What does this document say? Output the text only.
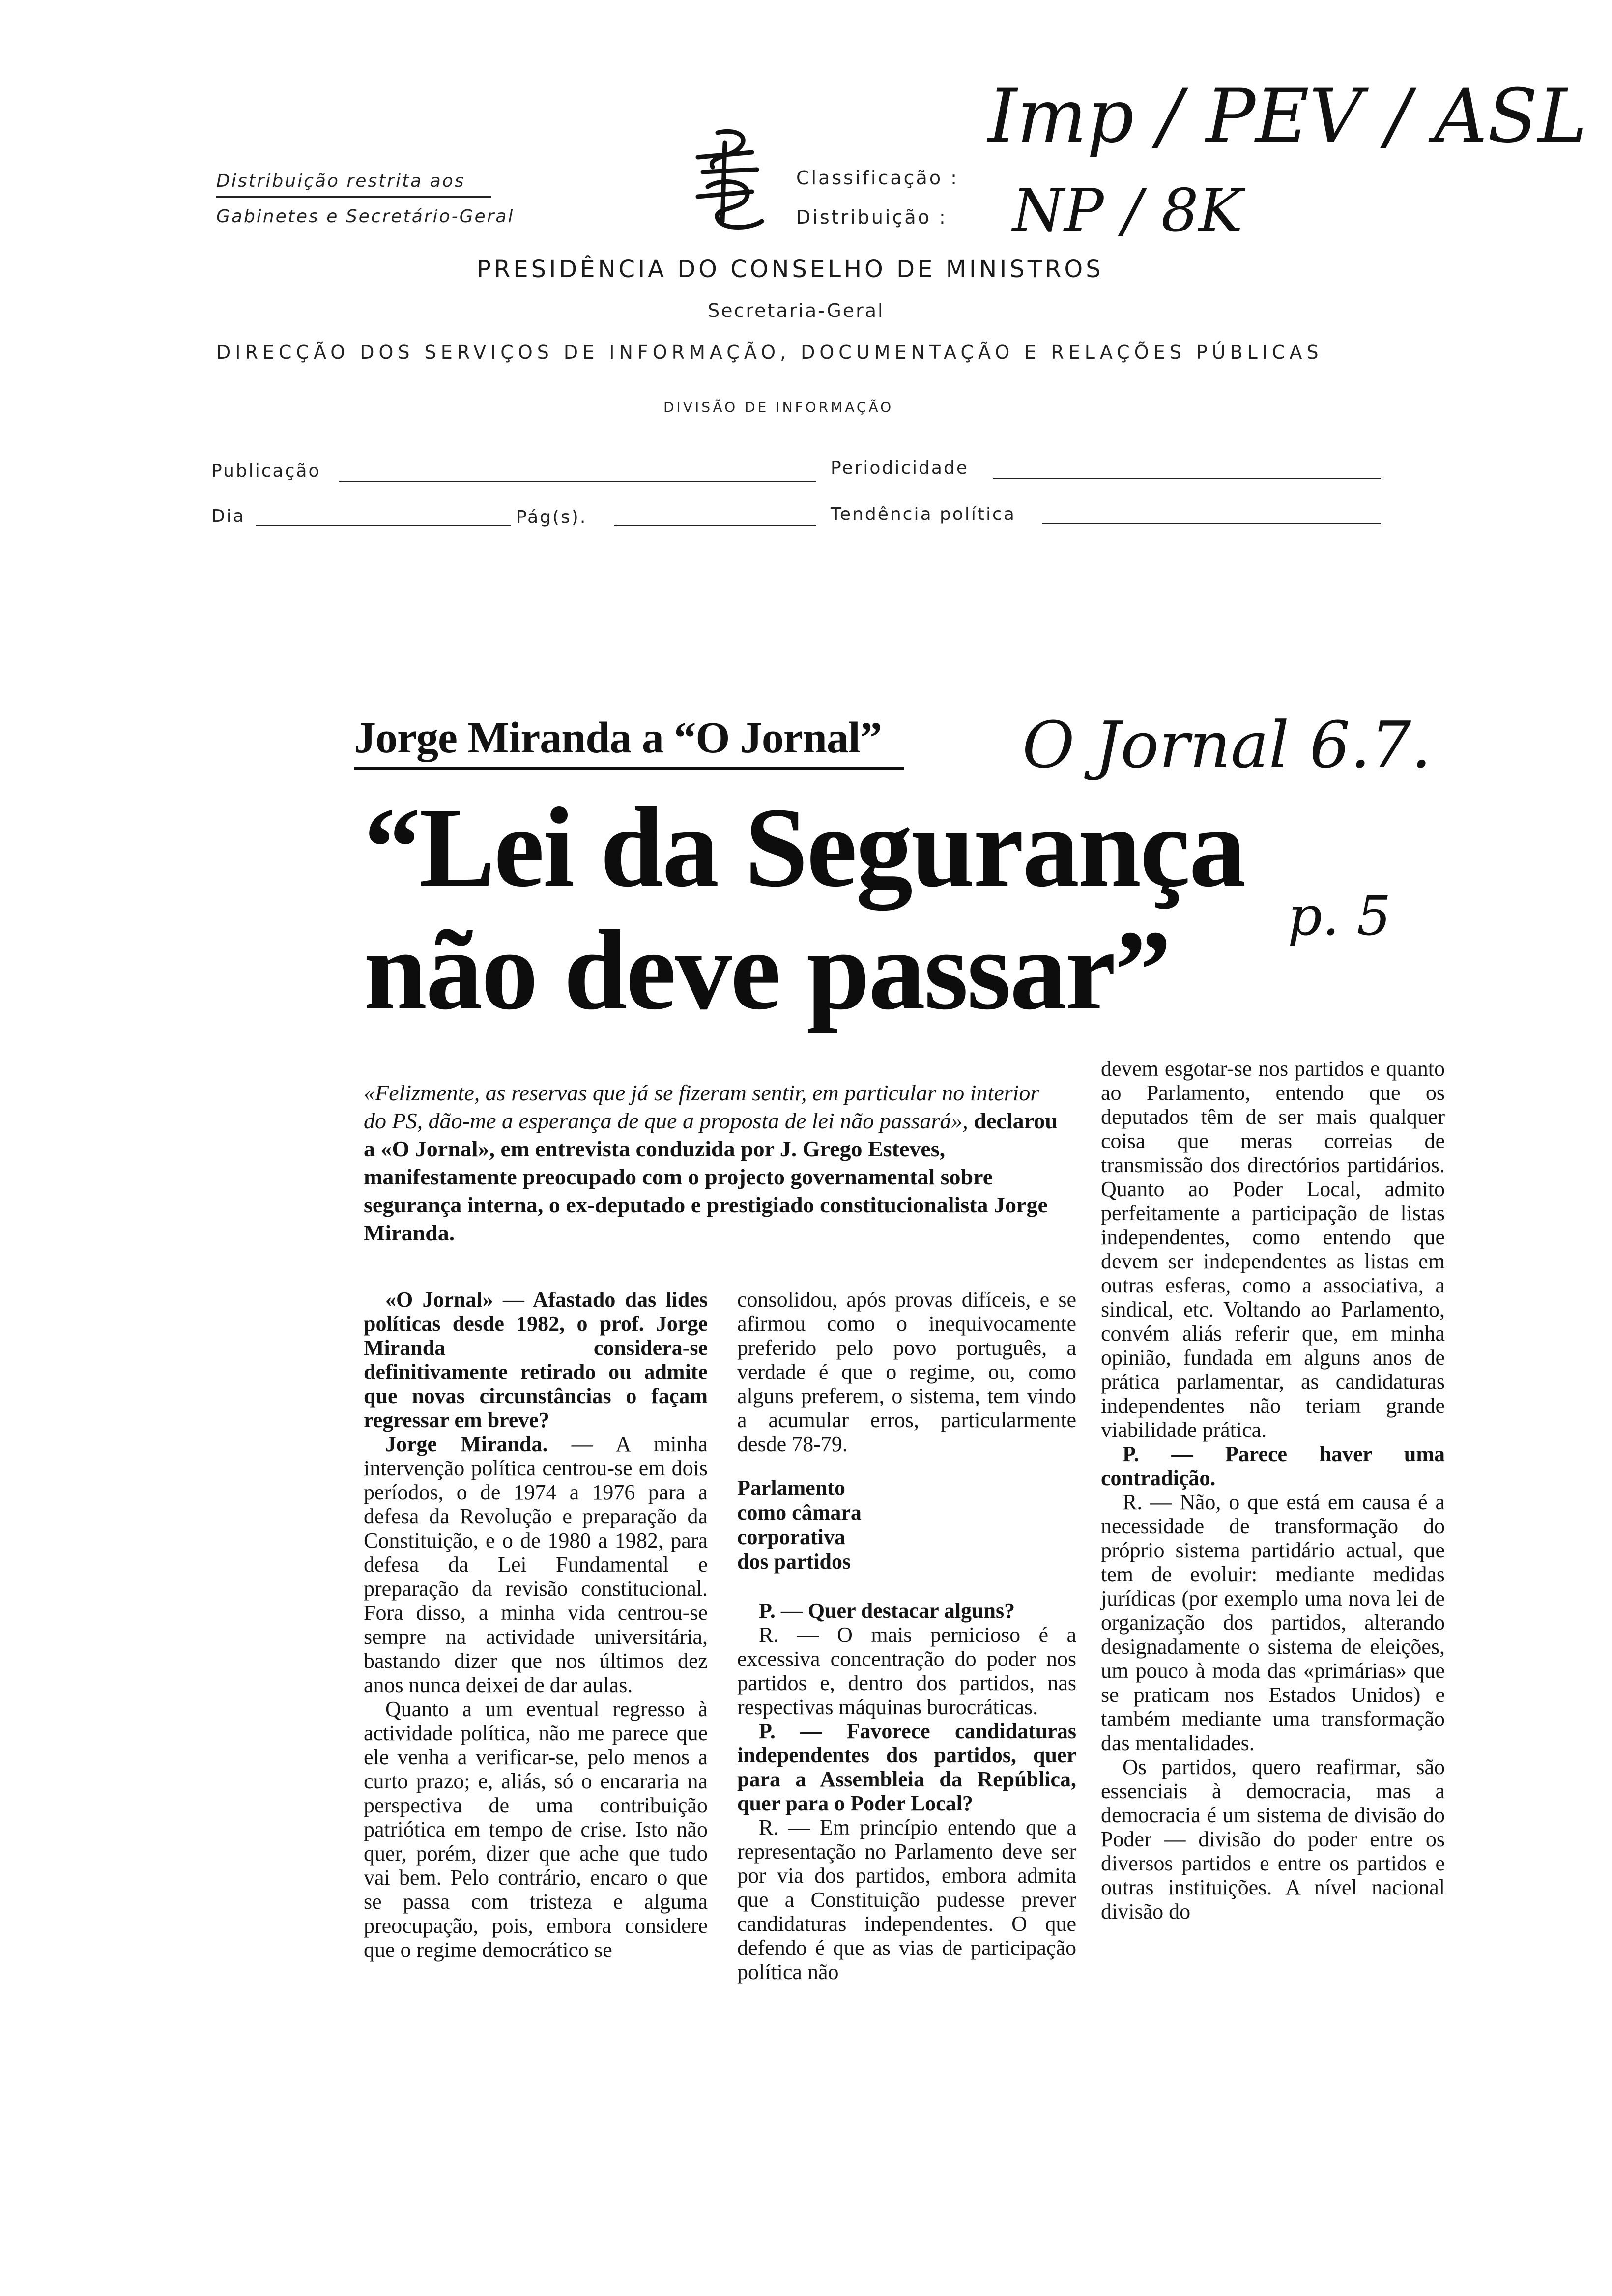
Distribuição restrita aos
Gabinetes e Secretário-Geral
Classificação :
Distribuição :
PRESIDÊNCIA DO CONSELHO DE MINISTROS
Secretaria-Geral
DIRECÇÃO DOS SERVIÇOS DE INFORMAÇÃO, DOCUMENTAÇÃO E RELAÇÕES PÚBLICAS
DIVISÃO DE INFORMAÇÃO
Publicação	Periodicidade
Dia	Pág(s).	Tendência política
Imp / PEV / ASL
NP / 8K
Jorge Miranda a “O Jornal” O Jornal 6.7.
“Lei da Segurança
não deve passar” p. 5
«Felizmente, as reservas que já se fizeram sentir, em particular no interior do PS, dão-me a esperança de que a proposta de lei não passará», declarou a «O Jornal», em entrevista conduzida por J. Grego Esteves, manifestamente preocupado com o projecto governamental sobre segurança interna, o ex-deputado e prestigiado constitucionalista Jorge Miranda.

«O Jornal» — Afastado das lides políticas desde 1982, o prof. Jorge Miranda considera-se definitivamente retirado ou admite que novas circunstâncias o façam regressar em breve?

Jorge Miranda. — A minha intervenção política centrou-se em dois períodos, o de 1974 a 1976 para a defesa da Revolução e preparação da Constituição, e o de 1980 a 1982, para defesa da Lei Fundamental e preparação da revisão constitucional. Fora disso, a minha vida centrou-se sempre na actividade universitária, bastando dizer que nos últimos dez anos nunca deixei de dar aulas.

Quanto a um eventual regresso à actividade política, não me parece que ele venha a verificar-se, pelo menos a curto prazo; e, aliás, só o encararia na perspectiva de uma contribuição patriótica em tempo de crise. Isto não quer, porém, dizer que ache que tudo vai bem. Pelo contrário, encaro o que se passa com tristeza e alguma preocupação, pois, embora considere que o regime democrático se

consolidou, após provas difíceis, e se afirmou como o inequivocamente preferido pelo povo português, a verdade é que o regime, ou, como alguns preferem, o sistema, tem vindo a acumular erros, particularmente desde 78-79.

Parlamento
como câmara
corporativa
dos partidos

P. — Quer destacar alguns?

R. — O mais pernicioso é a excessiva concentração do poder nos partidos e, dentro dos partidos, nas respectivas máquinas burocráticas.

P. — Favorece candidaturas independentes dos partidos, quer para a Assembleia da República, quer para o Poder Local?

R. — Em princípio entendo que a representação no Parlamento deve ser por via dos partidos, embora admita que a Constituição pudesse prever candidaturas independentes. O que defendo é que as vias de participação política não

devem esgotar-se nos partidos e quanto ao Parlamento, entendo que os deputados têm de ser mais qualquer coisa que meras correias de transmissão dos directórios partidários. Quanto ao Poder Local, admito perfeitamente a participação de listas independentes, como entendo que devem ser independentes as listas em outras esferas, como a associativa, a sindical, etc. Voltando ao Parlamento, convém aliás referir que, em minha opinião, fundada em alguns anos de prática parlamentar, as candidaturas independentes não teriam grande viabilidade prática.

P. — Parece haver uma contradição.

R. — Não, o que está em causa é a necessidade de transformação do próprio sistema partidário actual, que tem de evoluir: mediante medidas jurídicas (por exemplo uma nova lei de organização dos partidos, alterando designadamente o sistema de eleições, um pouco à moda das «primárias» que se praticam nos Estados Unidos) e também mediante uma transformação das mentalidades.

Os partidos, quero reafirmar, são essenciais à democracia, mas a democracia é um sistema de divisão do Poder — divisão do poder entre os diversos partidos e entre os partidos e outras instituições. A nível nacional divisão do
